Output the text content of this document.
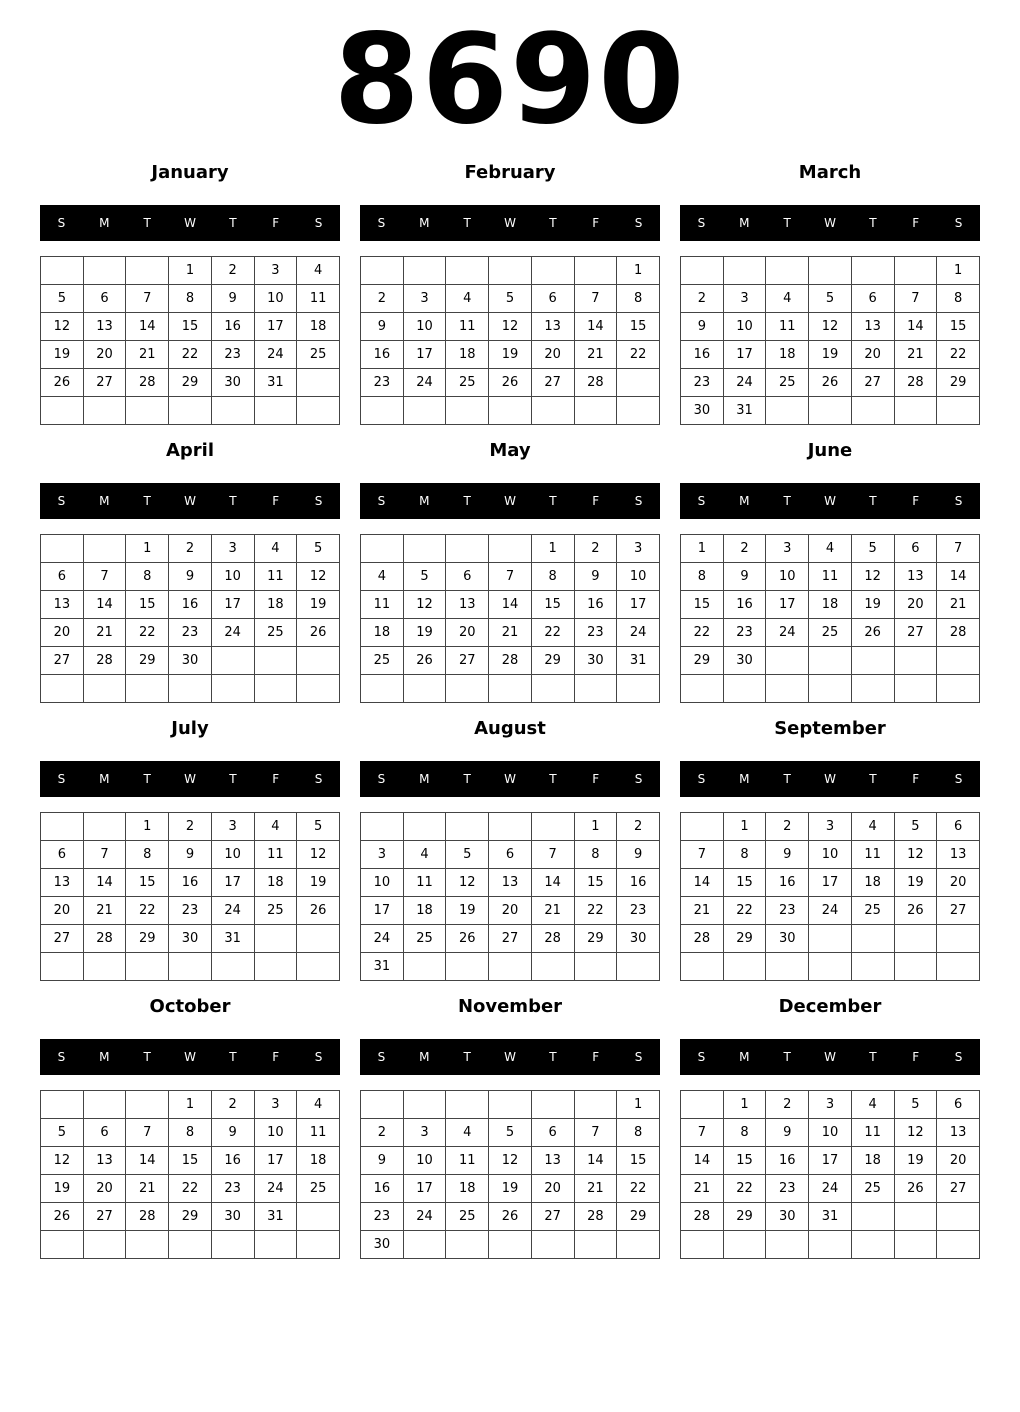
8690
January
S	M	T	W	T	F	S
			1	2	3	4
5	6	7	8	9	10	11
12	13	14	15	16	17	18
19	20	21	22	23	24	25
26	27	28	29	30	31	

February
S	M	T	W	T	F	S
						1
2	3	4	5	6	7	8
9	10	11	12	13	14	15
16	17	18	19	20	21	22
23	24	25	26	27	28	

March
S	M	T	W	T	F	S
						1
2	3	4	5	6	7	8
9	10	11	12	13	14	15
16	17	18	19	20	21	22
23	24	25	26	27	28	29
30	31					
April
S	M	T	W	T	F	S
		1	2	3	4	5
6	7	8	9	10	11	12
13	14	15	16	17	18	19
20	21	22	23	24	25	26
27	28	29	30			

May
S	M	T	W	T	F	S
				1	2	3
4	5	6	7	8	9	10
11	12	13	14	15	16	17
18	19	20	21	22	23	24
25	26	27	28	29	30	31

June
S	M	T	W	T	F	S
1	2	3	4	5	6	7
8	9	10	11	12	13	14
15	16	17	18	19	20	21
22	23	24	25	26	27	28
29	30					

July
S	M	T	W	T	F	S
		1	2	3	4	5
6	7	8	9	10	11	12
13	14	15	16	17	18	19
20	21	22	23	24	25	26
27	28	29	30	31		

August
S	M	T	W	T	F	S
					1	2
3	4	5	6	7	8	9
10	11	12	13	14	15	16
17	18	19	20	21	22	23
24	25	26	27	28	29	30
31						
September
S	M	T	W	T	F	S
	1	2	3	4	5	6
7	8	9	10	11	12	13
14	15	16	17	18	19	20
21	22	23	24	25	26	27
28	29	30				

October
S	M	T	W	T	F	S
			1	2	3	4
5	6	7	8	9	10	11
12	13	14	15	16	17	18
19	20	21	22	23	24	25
26	27	28	29	30	31	

November
S	M	T	W	T	F	S
						1
2	3	4	5	6	7	8
9	10	11	12	13	14	15
16	17	18	19	20	21	22
23	24	25	26	27	28	29
30						
December
S	M	T	W	T	F	S
	1	2	3	4	5	6
7	8	9	10	11	12	13
14	15	16	17	18	19	20
21	22	23	24	25	26	27
28	29	30	31			
